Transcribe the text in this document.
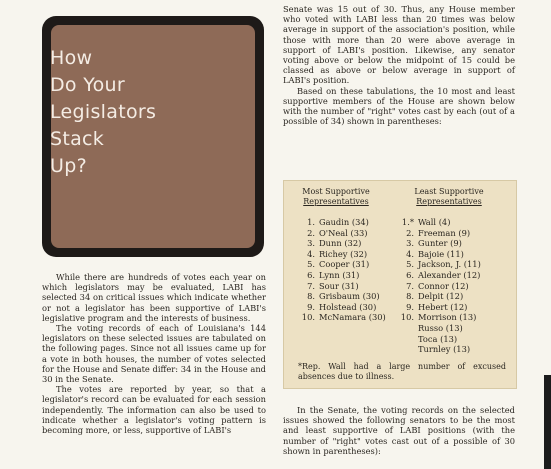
How
Do Your
Legislators
Stack
Up?

While there are hundreds of votes each year on which legislators may be evaluated, LABI has selected 34 on critical issues which indicate whether or not a legislator has been supportive of LABI's legislative program and the interests of business.

The voting records of each of Louisiana's 144 legislators on these selected issues are tabulated on the following pages. Since not all issues came up for a vote in both houses, the number of votes selected for the House and Senate differ: 34 in the House and 30 in the Senate.

The votes are reported by year, so that a legislator's record can be evaluated for each session independently. The information can also be used to indicate whether a legislator's voting pattern is becoming more, or less, supportive of LABI's

Senate was 15 out of 30. Thus, any House member who voted with LABI less than 20 times was below average in support of the association's position, while those with more than 20 were above average in support of LABI's position. Likewise, any senator voting above or below the midpoint of 15 could be classed as above or below average in support of LABI's position.

Based on these tabulations, the 10 most and least supportive members of the House are shown below with the number of "right" votes cast by each (out of a possible of 34) shown in parentheses:

Most Supportive
Representatives
Least Supportive
Representatives
1. Gaudin (34)
2. O'Neal (33)
3. Dunn (32)
4. Richey (32)
5. Cooper (31)
6. Lynn (31)
7. Sour (31)
8. Grisbaum (30)
9. Holstead (30)
10. McNamara (30)
1.* Wall (4)
2. Freeman (9)
3. Gunter (9)
4. Bajoie (11)
5. Jackson, J. (11)
6. Alexander (12)
7. Connor (12)
8. Delpit (12)
9. Hebert (12)
10. Morrison (13)
Russo (13)
Toca (13)
Turnley (13)
*Rep. Wall had a large number of excused absences due to illness.

In the Senate, the voting records on the selected issues showed the following senators to be the most and least supportive of LABI positions (with the number of "right" votes cast out of a possible of 30 shown in parentheses):
